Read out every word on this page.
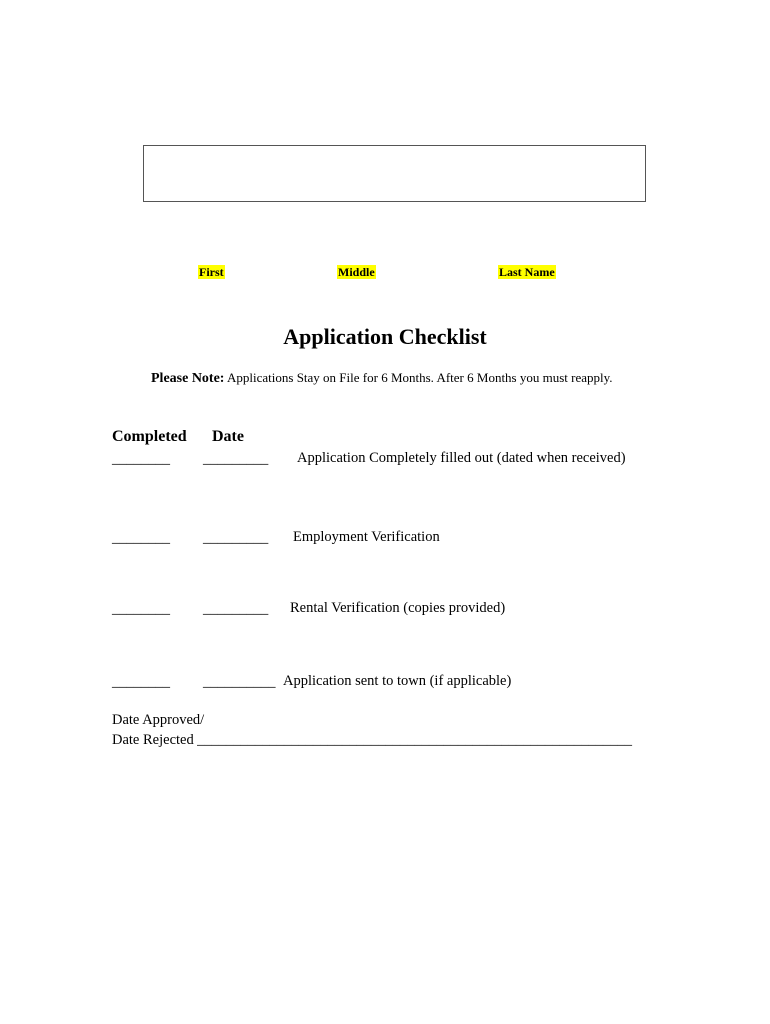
First	Middle	Last Name
Application Checklist
Please Note: Applications Stay on File for 6 Months. After 6 Months you must reapply.
Completed Date
________ _________ Application Completely filled out (dated when received)
________ _________ Employment Verification
________ _________ Rental Verification (copies provided)
________ __________ Application sent to town (if applicable)
Date Approved/
Date Rejected ____________________________________________________________
